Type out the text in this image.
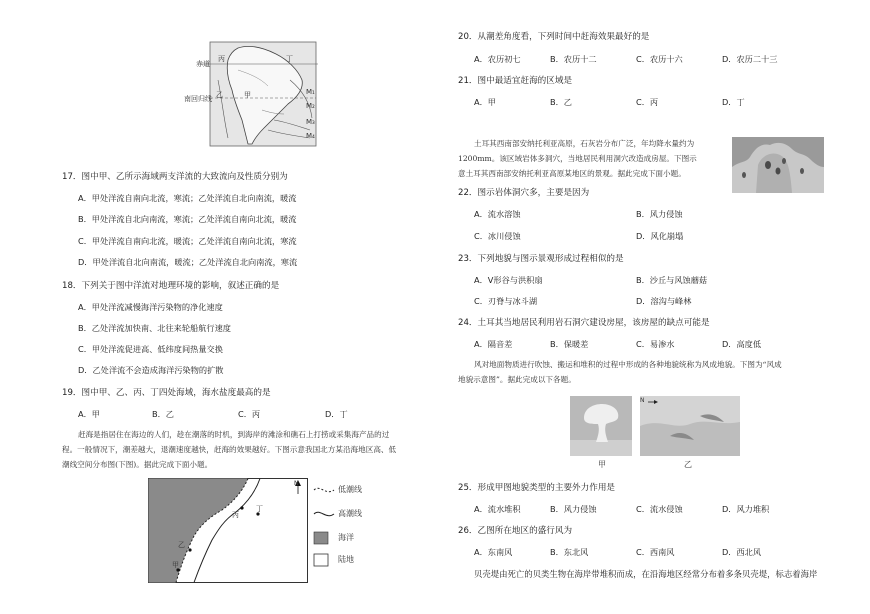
赤道
南回归线
丙	丁
甲
乙	M₁
M₂
M₃
M₄
17．图中甲、乙所示海域两支洋流的大致流向及性质分别为
A．甲处洋流自南向北流，寒流；乙处洋流自北向南流，暖流
B．甲处洋流自北向南流，寒流；乙处洋流自南向北流，暖流
C．甲处洋流自南向北流，暖流；乙处洋流自南向北流，寒流
D．甲处洋流自北向南流，暖流；乙处洋流自北向南流，寒流
18．下列关于图中洋流对地理环境的影响，叙述正确的是
A．甲处洋流减慢海洋污染物的净化速度
B．乙处洋流加快南、北往来轮船航行速度
C．甲处洋流促进高、低纬度间热量交换
D．乙处洋流不会造成海洋污染物的扩散
19．图中甲、乙、丙、丁四处海域，海水盐度最高的是
A．甲	B．乙	C．丙	D．丁
赶海是指居住在海边的人们，趁在潮落的时机，到海岸的滩涂和礁石上打捞或采集海产品的过
程。一般情况下，潮差越大，退潮速度越快，赶海的效果越好。下图示意我国北方某沿海地区高、低
潮线空间分布图(下图)。据此完成下面小题。
丙
丁
乙
甲
N
低潮线
高潮线
海洋
陆地
20．从潮差角度看，下列时间中赶海效果最好的是
A．农历初七	B．农历十二	C．农历十六	D．农历二十三
21．图中最适宜赶海的区域是
A．甲	B．乙	C．丙	D．丁
土耳其西南部安纳托利亚高原，石灰岩分布广泛，年均降水量约为
1200mm。该区域岩体多洞穴，当地居民利用洞穴改造成房屋。下图示
意土耳其西南部安纳托利亚高原某地区的景观。据此完成下面小题。
22．图示岩体洞穴多，主要是因为
A．流水溶蚀	B．风力侵蚀
C．冰川侵蚀	D．风化崩塌
23．下列地貌与图示景观形成过程相似的是
A．V形谷与洪积扇	B．沙丘与风蚀蘑菇
C．刃脊与冰斗湖	D．溶沟与峰林
24．土耳其当地居民利用岩石洞穴建设房屋，该房屋的缺点可能是
A．隔音差	B．保暖差	C．易渗水	D．高度低
风对地面物质进行吹蚀、搬运和堆积的过程中形成的各种地貌统称为风成地貌。下图为“风成
地貌示意图”。据此完成以下各题。
N
甲	乙
25．形成甲图地貌类型的主要外力作用是
A．流水堆积	B．风力侵蚀	C．流水侵蚀	D．风力堆积
26．乙图所在地区的盛行风为
A．东南风	B．东北风	C．西南风	D．西北风
贝壳堤由死亡的贝类生物在海岸带堆积而成，在沿海地区经常分布着多条贝壳堤，标志着海岸
